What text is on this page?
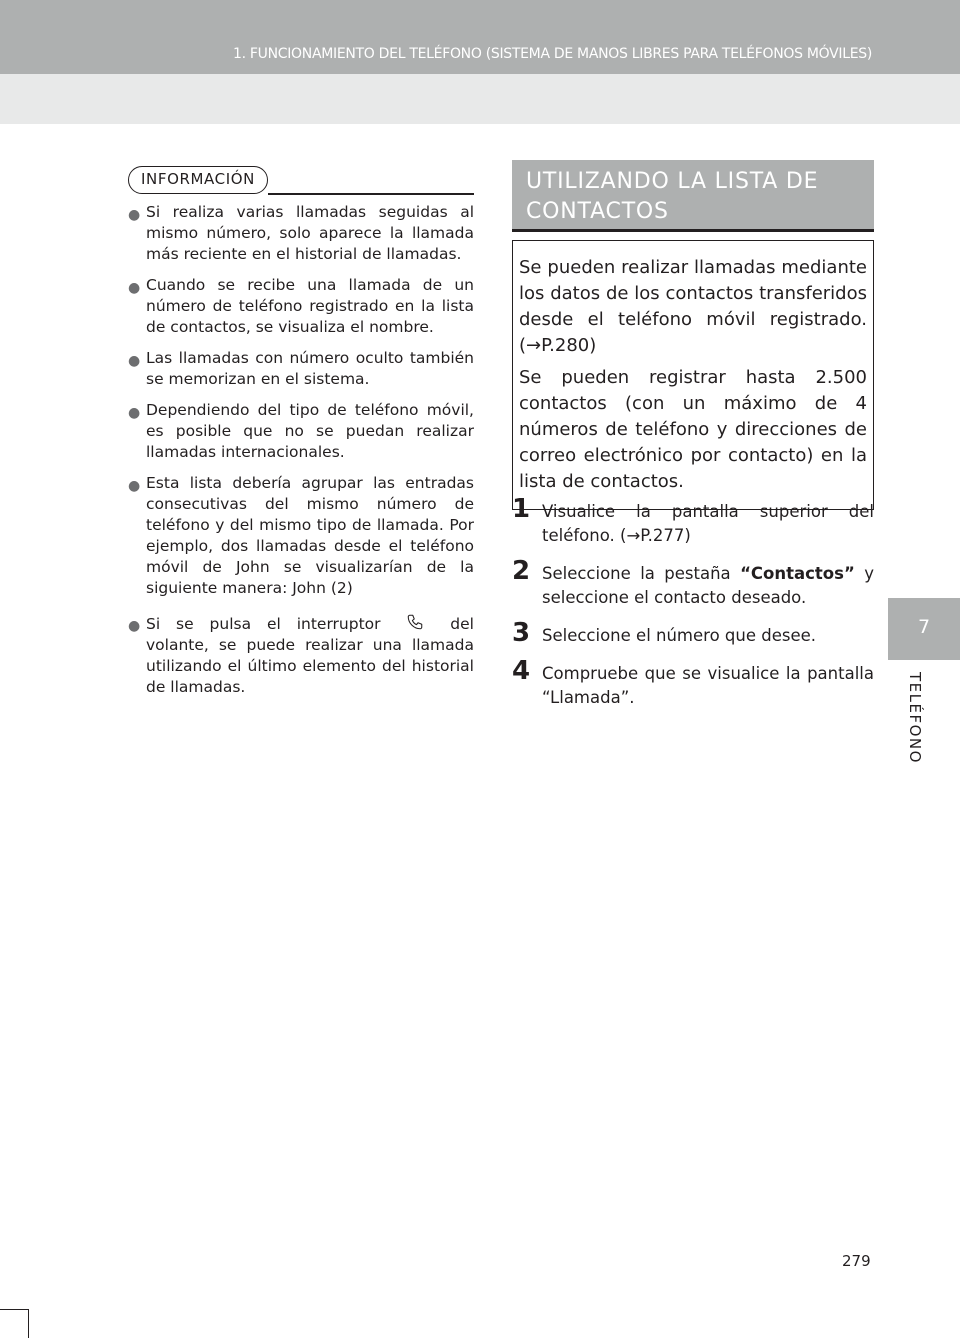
1. FUNCIONAMIENTO DEL TELÉFONO (SISTEMA DE MANOS LIBRES PARA TELÉFONOS MÓVILES)

7
TELÉFONO
INFORMACIÓN
● Si realiza varias llamadas seguidas al mismo número, solo aparece la llamada más reciente en el historial de llamadas.
● Cuando se recibe una llamada de un número de teléfono registrado en la lista de contactos, se visualiza el nombre.
● Las llamadas con número oculto también se memorizan en el sistema.
● Dependiendo del tipo de teléfono móvil, es posible que no se puedan realizar llamadas internacionales.
● Esta lista debería agrupar las entradas consecutivas del mismo número de teléfono y del mismo tipo de llamada. Por ejemplo, dos llamadas desde el teléfono móvil de John se visualizarían de la siguiente manera: John (2)
● Si se pulsa el interruptor	del volante, se puede realizar una llamada utilizando el último elemento del historial de llamadas.
UTILIZANDO LA LISTA DE CONTACTOS

Se pueden realizar llamadas mediante los datos de los contactos transferidos desde el teléfono móvil registrado. (→P.280)

Se pueden registrar hasta 2.500 contactos (con un máximo de 4 números de teléfono y direcciones de correo electrónico por contacto) en la lista de contactos.

1 Visualice la pantalla superior del teléfono. (→P.277)
2 Seleccione la pestaña “Contactos” y seleccione el contacto deseado.
3 Seleccione el número que desee.
4 Compruebe que se visualice la pantalla “Llamada”.
279
